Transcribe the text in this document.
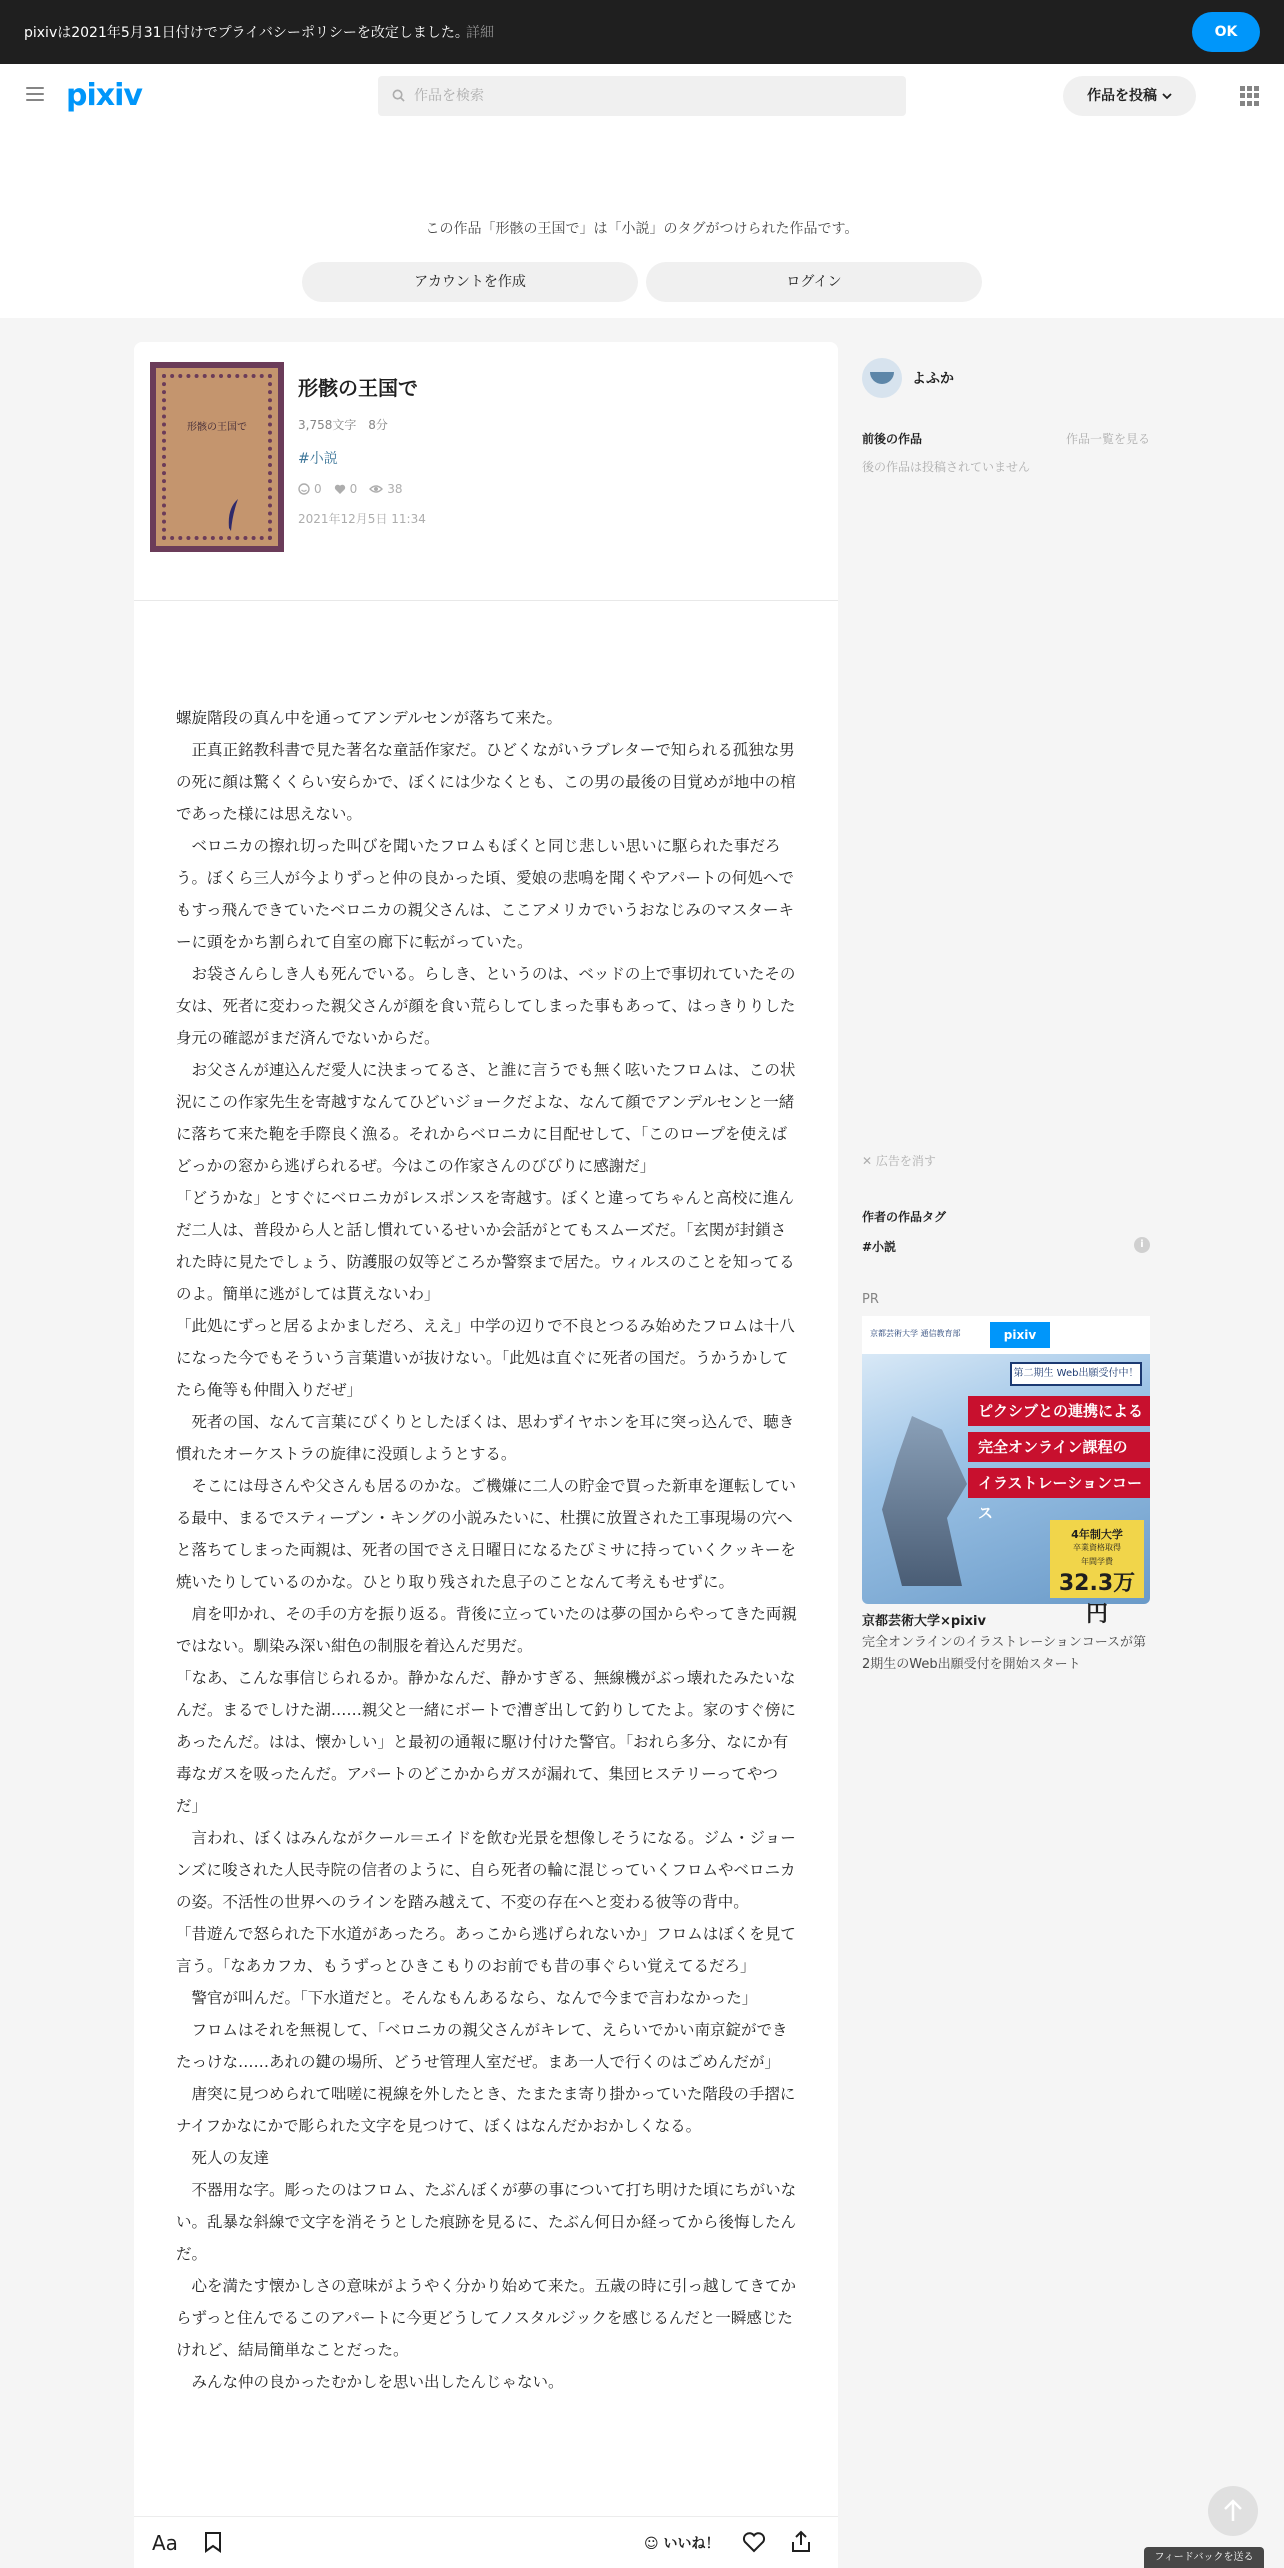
pixivは2021年5月31日付けでプライバシーポリシーを改定しました。
詳細	OK
pixiv
作品を検索	作品を投稿
この作品「形骸の王国で」は「小説」のタグがつけられた作品です。
アカウントを作成	ログイン
形骸の王国で
形骸の王国で
3,758文字 8分
#小説
0 0	38
2021年12月5日 11:34

螺旋階段の真ん中を通ってアンデルセンが落ちて来た。

　正真正銘教科書で見た著名な童話作家だ。ひどくながいラブレターで知られる孤独な男の死に顔は驚くくらい安らかで、ぼくには少なくとも、この男の最後の目覚めが地中の棺であった様には思えない。

　ベロニカの擦れ切った叫びを聞いたフロムもぼくと同じ悲しい思いに駆られた事だろう。ぼくら三人が今よりずっと仲の良かった頃、愛娘の悲鳴を聞くやアパートの何処へでもすっ飛んできていたベロニカの親父さんは、ここアメリカでいうおなじみのマスターキーに頭をかち割られて自室の廊下に転がっていた。

　お袋さんらしき人も死んでいる。らしき、というのは、ベッドの上で事切れていたその女は、死者に変わった親父さんが顔を食い荒らしてしまった事もあって、はっきりりした身元の確認がまだ済んでないからだ。

　お父さんが連込んだ愛人に決まってるさ、と誰に言うでも無く呟いたフロムは、この状況にこの作家先生を寄越すなんてひどいジョークだよな、なんて顔でアンデルセンと一緒に落ちて来た鞄を手際良く漁る。それからベロニカに目配せして、「このロープを使えばどっかの窓から逃げられるぜ。今はこの作家さんのびびりに感謝だ」

「どうかな」とすぐにベロニカがレスポンスを寄越す。ぼくと違ってちゃんと高校に進んだ二人は、普段から人と話し慣れているせいか会話がとてもスムーズだ。「玄関が封鎖された時に見たでしょう、防護服の奴等どころか警察まで居た。ウィルスのことを知ってるのよ。簡単に逃がしては貰えないわ」

「此処にずっと居るよかましだろ、ええ」中学の辺りで不良とつるみ始めたフロムは十八になった今でもそういう言葉遣いが抜けない。「此処は直ぐに死者の国だ。うかうかしてたら俺等も仲間入りだぜ」

　死者の国、なんて言葉にびくりとしたぼくは、思わずイヤホンを耳に突っ込んで、聴き慣れたオーケストラの旋律に没頭しようとする。

　そこには母さんや父さんも居るのかな。ご機嫌に二人の貯金で買った新車を運転している最中、まるでスティーブン・キングの小説みたいに、杜撰に放置された工事現場の穴へと落ちてしまった両親は、死者の国でさえ日曜日になるたびミサに持っていくクッキーを焼いたりしているのかな。ひとり取り残された息子のことなんて考えもせずに。

　肩を叩かれ、その手の方を振り返る。背後に立っていたのは夢の国からやってきた両親ではない。馴染み深い紺色の制服を着込んだ男だ。

「なあ、こんな事信じられるか。静かなんだ、静かすぎる、無線機がぶっ壊れたみたいなんだ。まるでしけた湖……親父と一緒にボートで漕ぎ出して釣りしてたよ。家のすぐ傍にあったんだ。はは、懐かしい」と最初の通報に駆け付けた警官。「おれら多分、なにか有毒なガスを吸ったんだ。アパートのどこかからガスが漏れて、集団ヒステリーってやつだ」

　言われ、ぼくはみんながクール＝エイドを飲む光景を想像しそうになる。ジム・ジョーンズに唆された人民寺院の信者のように、自ら死者の輪に混じっていくフロムやベロニカの姿。不活性の世界へのラインを踏み越えて、不変の存在へと変わる彼等の背中。

「昔遊んで怒られた下水道があったろ。あっこから逃げられないか」フロムはぼくを見て言う。「なあカフカ、もうずっとひきこもりのお前でも昔の事ぐらい覚えてるだろ」

　警官が叫んだ。「下水道だと。そんなもんあるなら、なんで今まで言わなかった」

　フロムはそれを無視して、「ベロニカの親父さんがキレて、えらいでかい南京錠ができたっけな……あれの鍵の場所、どうせ管理人室だぜ。まあ一人で行くのはごめんだが」

　唐突に見つめられて咄嗟に視線を外したとき、たまたま寄り掛かっていた階段の手摺にナイフかなにかで彫られた文字を見つけて、ぼくはなんだかおかしくなる。

　死人の友達

　不器用な字。彫ったのはフロム、たぶんぼくが夢の事について打ち明けた頃にちがいない。乱暴な斜線で文字を消そうとした痕跡を見るに、たぶん何日か経ってから後悔したんだ。

　心を満たす懐かしさの意味がようやく分かり始めて来た。五歳の時に引っ越してきてからずっと住んでるこのアパートに今更どうしてノスタルジックを感じるんだと一瞬感じたけれど、結局簡単なことだった。

　みんな仲の良かったむかしを思い出したんじゃない。

よふか
前後の作品	作品一覧を見る
後の作品は投稿されていません
✕ 広告を消す
作者の作品タグ
#小説	i
PR
京都芸術大学 通信教育部	pixiv
第二期生 Web出願受付中！
ピクシブとの連携による
完全オンライン課程の
イラストレーションコース
4年制大学
卒業資格取得
年間学費
32.3万円
京都芸術大学×pixiv
完全オンラインのイラストレーションコースが第2期生のWeb出願受付を開始スタート
Aa	☺ いいね！
フィードバックを送る
